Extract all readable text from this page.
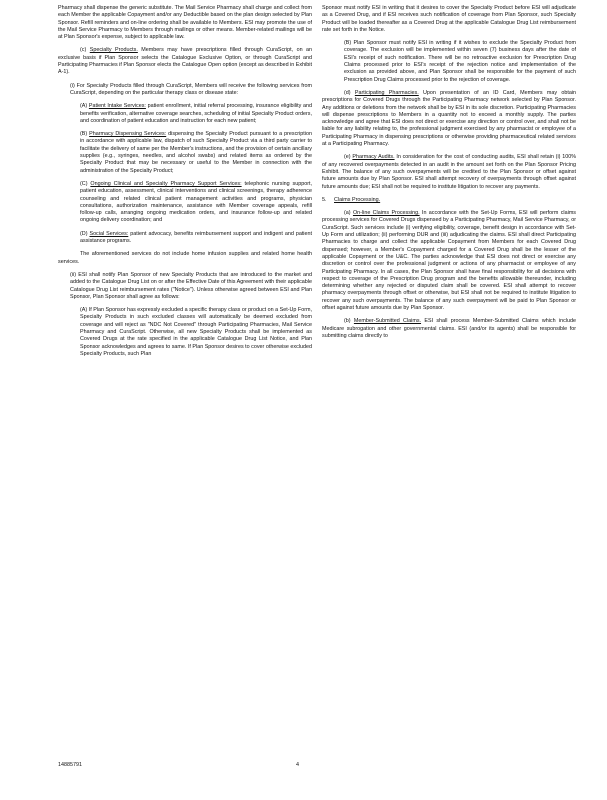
Pharmacy shall dispense the generic substitute. The Mail Service Pharmacy shall charge and collect from each Member the applicable Copayment and/or any Deductible based on the plan design selected by Plan Sponsor. Refill reminders and on-line ordering shall be available to Members. ESI may promote the use of the Mail Service Pharmacy to Members through mailings or other means. Member-related mailings will be at Plan Sponsor's expense, subject to applicable law.

(c) Specialty Products. Members may have prescriptions filled through CuraScript, on an exclusive basis if Plan Sponsor selects the Catalogue Exclusive Option, or through CuraScript and Participating Pharmacies if Plan Sponsor elects the Catalogue Open option (except as described in Exhibit A-1).

(i) For Specialty Products filled through CuraScript, Members will receive the following services from CuraScript, depending on the particular therapy class or disease state:

(A) Patient Intake Services: patient enrollment, initial referral processing, insurance eligibility and benefits verification, alternative coverage searches, scheduling of initial Specialty Product orders, and coordination of patient education and instruction for each new patient;

(B) Pharmacy Dispensing Services: dispensing the Specialty Product pursuant to a prescription in accordance with applicable law, dispatch of such Specialty Product via a third party carrier to facilitate the delivery of same per the Member's instructions, and the provision of certain ancillary supplies (e.g., syringes, needles, and alcohol swabs) and related items as ordered by the Specialty Product that may be necessary or useful to the Member in connection with the administration of the Specialty Product;

(C) Ongoing Clinical and Specialty Pharmacy Support Services: telephonic nursing support, patient education, assessment, clinical interventions and clinical screenings, therapy adherence counseling and related clinical patient management activities and programs, physician consultations, authorization maintenance, assistance with Member coverage appeals, refill follow-up calls, arranging ongoing medication orders, and insurance follow-up and related ongoing delivery coordination; and

(D) Social Services: patient advocacy, benefits reimbursement support and indigent and patient assistance programs.

The aforementioned services do not include home infusion supplies and related home health services.

(ii) ESI shall notify Plan Sponsor of new Specialty Products that are introduced to the market and added to the Catalogue Drug List on or after the Effective Date of this Agreement with their applicable Catalogue Drug List reimbursement rates ("Notice"). Unless otherwise agreed between ESI and Plan Sponsor, Plan Sponsor shall agree as follows:

(A) If Plan Sponsor has expressly excluded a specific therapy class or product on a Set-Up Form, Specialty Products in such excluded classes will automatically be deemed excluded from coverage and will reject as "NDC Not Covered" through Participating Pharmacies, Mail Service Pharmacy and CuraScript. Otherwise, all new Specialty Products shall be implemented as Covered Drugs at the rate specified in the applicable Catalogue Drug List Notice, and Plan Sponsor acknowledges and agrees to same. If Plan Sponsor desires to cover otherwise excluded Specialty Products, such Plan

Sponsor must notify ESI in writing that it desires to cover the Specialty Product before ESI will adjudicate as a Covered Drug, and if ESI receives such notification of coverage from Plan Sponsor, such Specialty Product will be loaded thereafter as a Covered Drug at the applicable Catalogue Drug List reimbursement rate set forth in the Notice.

(B) Plan Sponsor must notify ESI in writing if it wishes to exclude the Specialty Product from coverage. The exclusion will be implemented within seven (7) business days after the date of ESI's receipt of such notification. There will be no retroactive exclusion for Prescription Drug Claims processed prior to ESI's receipt of the rejection notice and implementation of the exclusion as provided above, and Plan Sponsor shall be responsible for the payment of such Prescription Drug Claims processed prior to the rejection of coverage.

(d) Participating Pharmacies. Upon presentation of an ID Card, Members may obtain prescriptions for Covered Drugs through the Participating Pharmacy network selected by Plan Sponsor. Any additions or deletions from the network shall be by ESI in its sole discretion. Participating Pharmacies will dispense prescriptions to Members in a quantity not to exceed a monthly supply. The parties acknowledge and agree that ESI does not direct or exercise any direction or control over, and shall not be liable for any liability relating to, the professional judgment exercised by any pharmacist or employee of a Participating Pharmacy in dispensing prescriptions or otherwise providing pharmaceutical related services at a Participating Pharmacy.

(e) Pharmacy Audits. In consideration for the cost of conducting audits, ESI shall retain (i) 100% of any recovered overpayments detected in an audit in the amount set forth on the Plan Sponsor Pricing Exhibit. The balance of any such overpayments will be credited to the Plan Sponsor or offset against future amounts due by Plan Sponsor. ESI shall attempt recovery of overpayments through offset against future amounts due; ESI shall not be required to institute litigation to recover any payments.

5. Claims Processing.

(a) On-line Claims Processing. In accordance with the Set-Up Forms, ESI will perform claims processing services for Covered Drugs dispensed by a Participating Pharmacy, Mail Service Pharmacy, or CuraScript. Such services include (i) verifying eligibility, coverage, benefit design in accordance with Set-Up Form and utilization; (ii) performing DUR and (iii) adjudicating the claims. ESI shall direct Participating Pharmacies to charge and collect the applicable Copayment from Members for each Covered Drug dispensed; however, a Member's Copayment charged for a Covered Drug shall be the lesser of the applicable Copayment or the U&C. The parties acknowledge that ESI does not direct or exercise any discretion or control over the professional judgment or actions of any pharmacist or employee of any Participating Pharmacy. In all cases, the Plan Sponsor shall have final responsibility for all decisions with respect to coverage of the Prescription Drug program and the benefits allowable thereunder, including determining whether any rejected or disputed claim shall be covered. ESI shall attempt to recover pharmacy overpayments through offset or otherwise, but ESI shall not be required to institute litigation to recover any such overpayments. The balance of any such overpayment will be paid to Plan Sponsor or offset against future amounts due by Plan Sponsor.

(b) Member-Submitted Claims. ESI shall process Member-Submitted Claims which include Medicare subrogation and other governmental claims. ESI (and/or its agents) shall be responsible for submitting claims directly to

14885791	4
